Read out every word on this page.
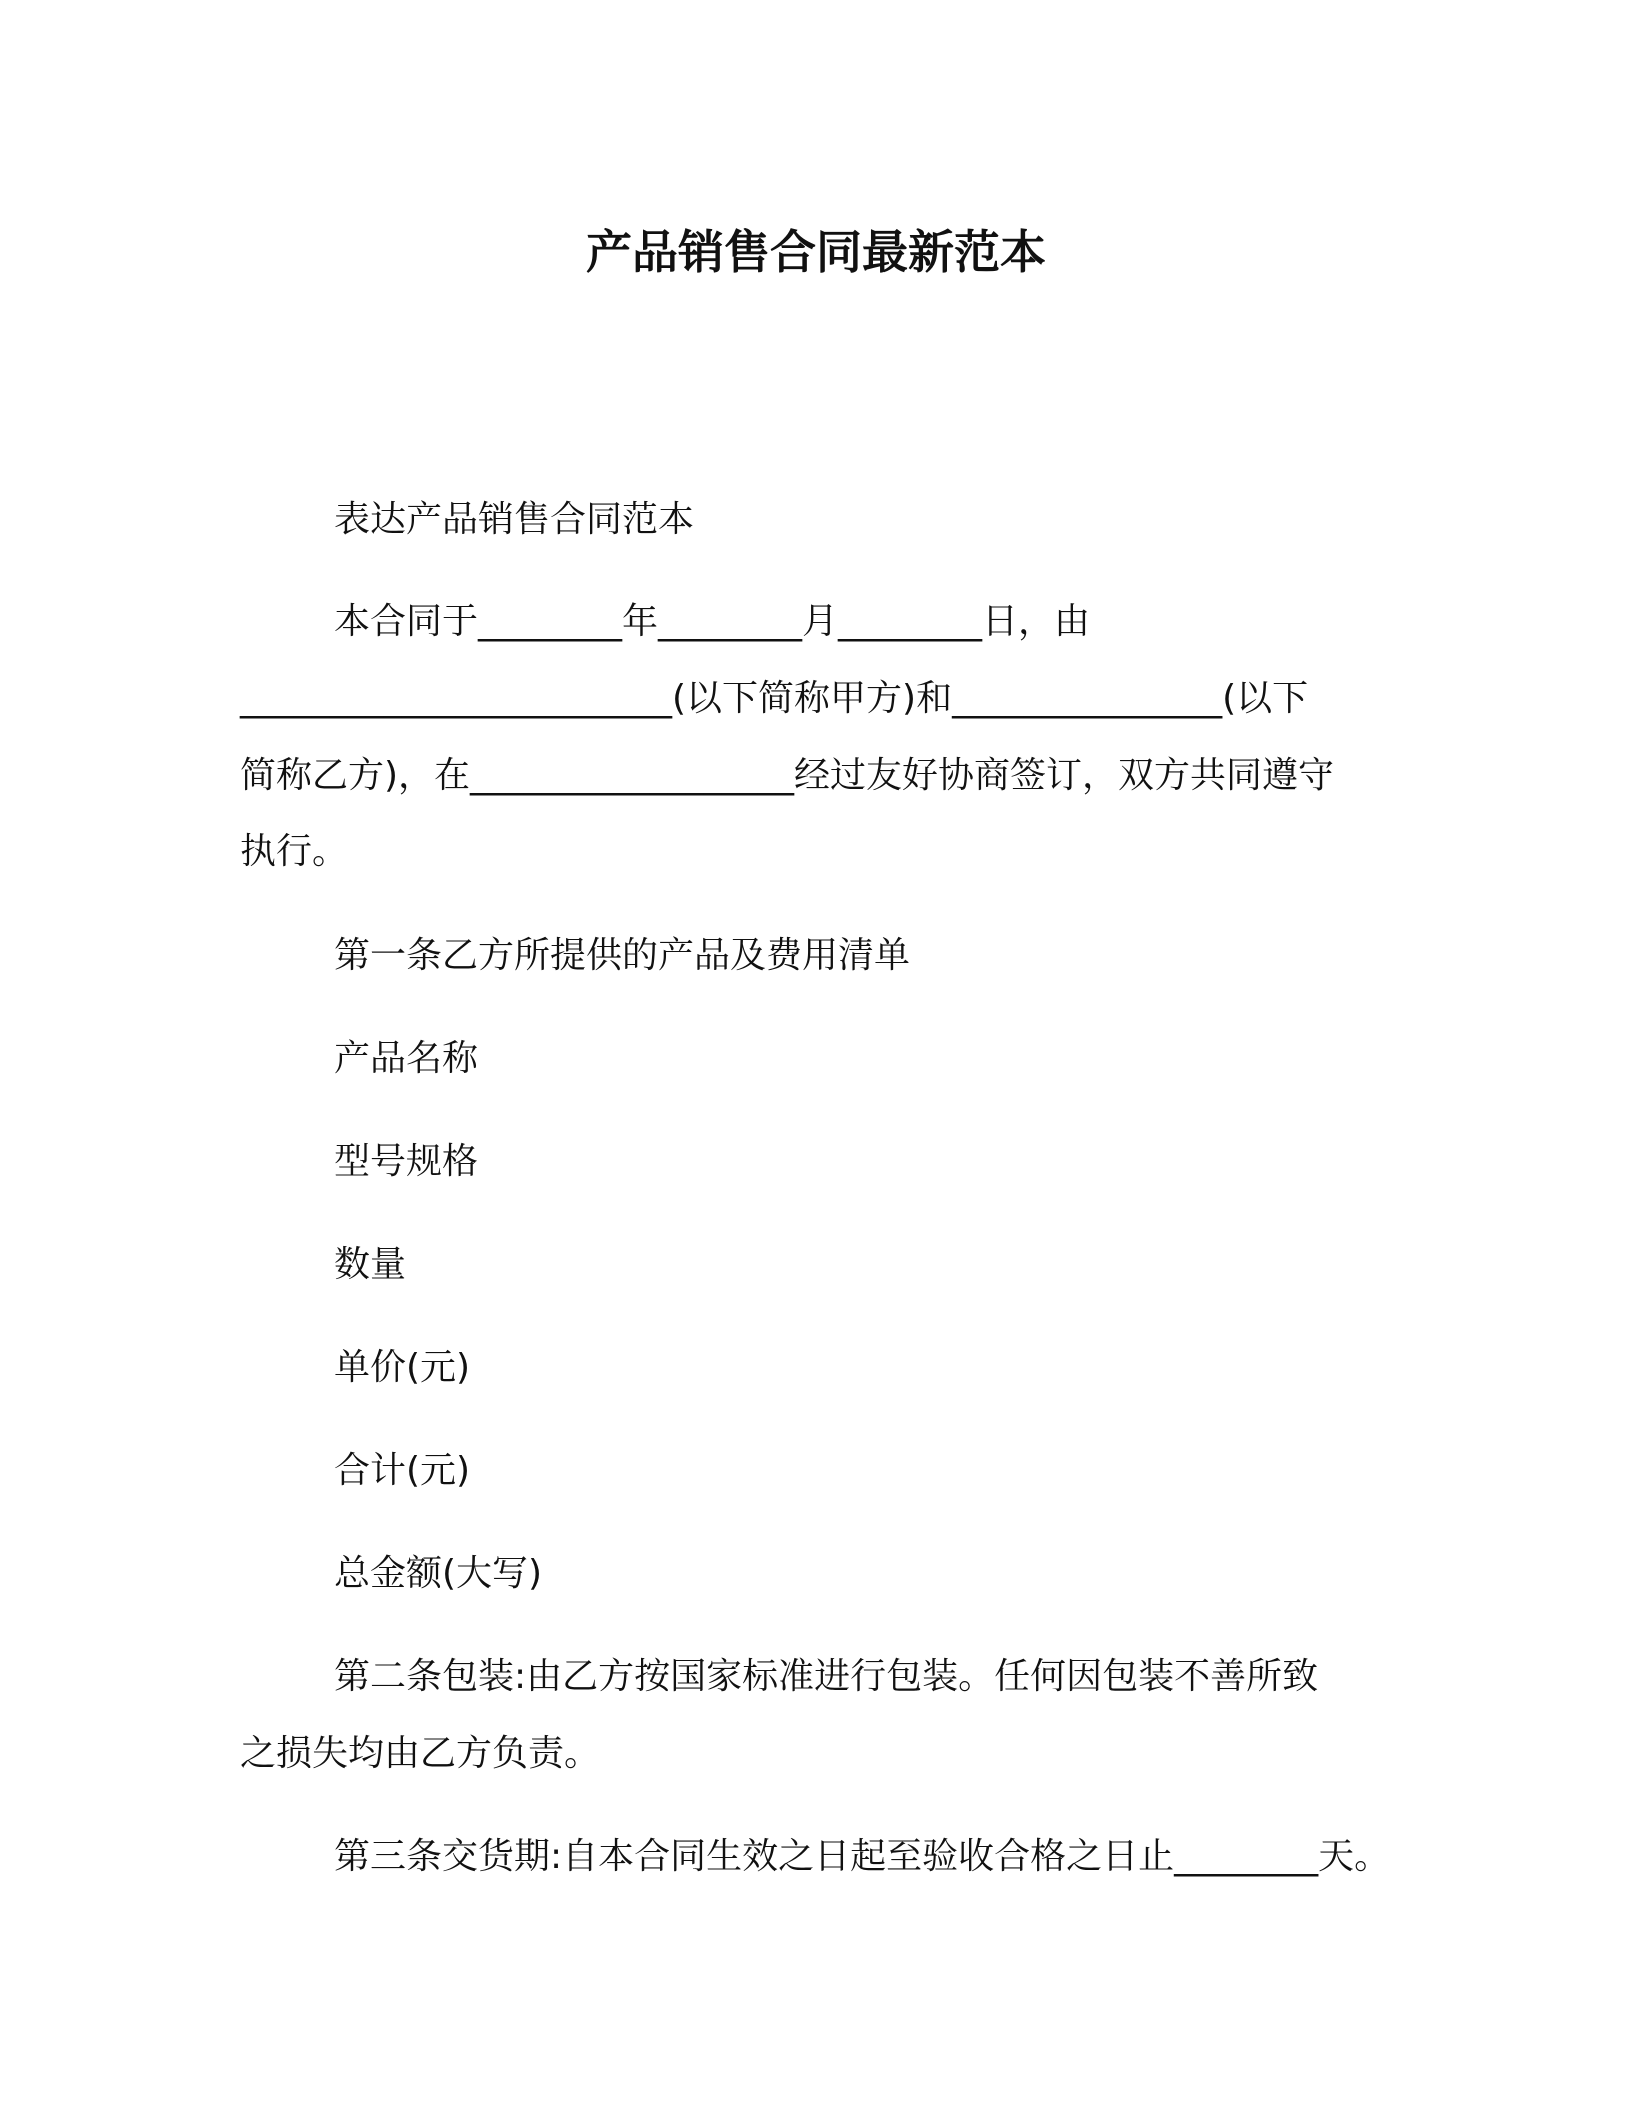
产品销售合同最新范本
表达产品销售合同范本
本合同于________年________月________日，由
________________________(以下简称甲方)和_______________(以下
简称乙方)，在__________________经过友好协商签订，双方共同遵守
执行。
第一条乙方所提供的产品及费用清单
产品名称
型号规格
数量
单价(元)
合计(元)
总金额(大写)
第二条包装:由乙方按国家标准进行包装。任何因包装不善所致
之损失均由乙方负责。
第三条交货期:自本合同生效之日起至验收合格之日止________天。
